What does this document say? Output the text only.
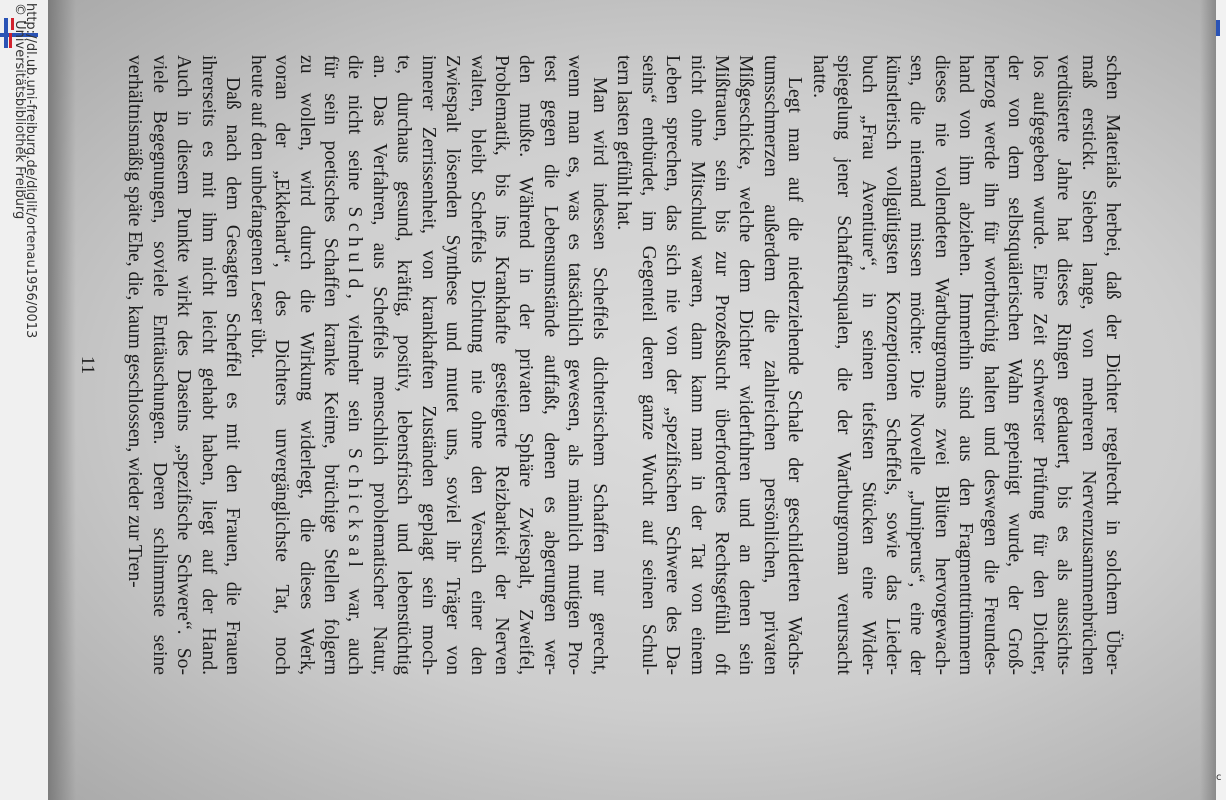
http://dl.ub.uni-freiburg.de/diglit/ortenau1956/0013
© Universitätsbibliothek Freiburg	schen Materials herbei, daß der Dichter regelrecht in solchem Über-
maß erstickt. Sieben lange, von mehreren Nervenzusammenbrüchen
verdüsterte Jahre hat dieses Ringen gedauert, bis es als aussichts-
los aufgegeben wurde. Eine Zeit schwerster Prüfung für den Dichter,
der von dem selbstquälerischen Wahn gepeinigt wurde, der Groß-
herzog werde ihn für wortbrüchig halten und deswegen die Freundes-
hand von ihm abziehen. Immerhin sind aus den Fragmenttrümmern
dieses nie vollendeten Wartburgromans zwei Blüten hervorgewach-
sen, die niemand missen möchte: Die Novelle „Juniperus“, eine der
künstlerisch vollgültigsten Konzeptionen Scheffels, sowie das Lieder-
buch „Frau Aventiure“, in seinen tiefsten Stücken eine Wider-
spiegelung jener Schaffensqualen, die der Wartburgroman verursacht
hatte.
Legt man auf die niederziehende Schale der geschilderten Wachs-
tumsschmerzen außerdem die zahlreichen persönlichen, privaten
Mißgeschicke, welche dem Dichter widerfuhren und an denen sein
Mißtrauen, sein bis zur Prozeßsucht überfordertes Rechtsgefühl oft
nicht ohne Mitschuld waren, dann kann man in der Tat von einem
Leben sprechen, das sich nie von der „spezifischen Schwere des Da-
seins“ entbürdet, im Gegenteil deren ganze Wucht auf seinen Schul-
tern lasten gefühlt hat.
Man wird indessen Scheffels dichterischem Schaffen nur gerecht,
wenn man es, was es tatsächlich gewesen, als männlich mutigen Pro-
test gegen die Lebensumstände auffaßt, denen es abgerungen wer-
den mußte. Während in der privaten Sphäre Zwiespalt, Zweifel,
Problematik, bis ins Krankhafte gesteigerte Reizbarkeit der Nerven
walten, bleibt Scheffels Dichtung nie ohne den Versuch einer den
Zwiespalt lösenden Synthese und mutet uns, soviel ihr Träger von
innerer Zerrissenheit, von krankhaften Zuständen geplagt sein moch-
te, durchaus gesund, kräftig, positiv, lebensfrisch und lebenstüchtig
an. Das Verfahren, aus Scheffels menschlich problematischer Natur,
die nicht seine Schuld, vielmehr sein Schicksal war, auch
für sein poetisches Schaffen kranke Keime, brüchige Stellen folgern
zu wollen, wird durch die Wirkung widerlegt, die dieses Werk,
voran der „Ekkehard“, des Dichters unvergänglichste Tat, noch
heute auf den unbefangenen Leser übt.
Daß nach dem Gesagten Scheffel es mit den Frauen, die Frauen
ihrerseits es mit ihm nicht leicht gehabt haben, liegt auf der Hand.
Auch in diesem Punkte wirkt des Daseins „spezifische Schwere“. So-
viele Begegnungen, soviele Enttäuschungen. Deren schlimmste seine
verhältnismäßig späte Ehe, die, kaum geschlossen, wieder zur Tren-
11
c
